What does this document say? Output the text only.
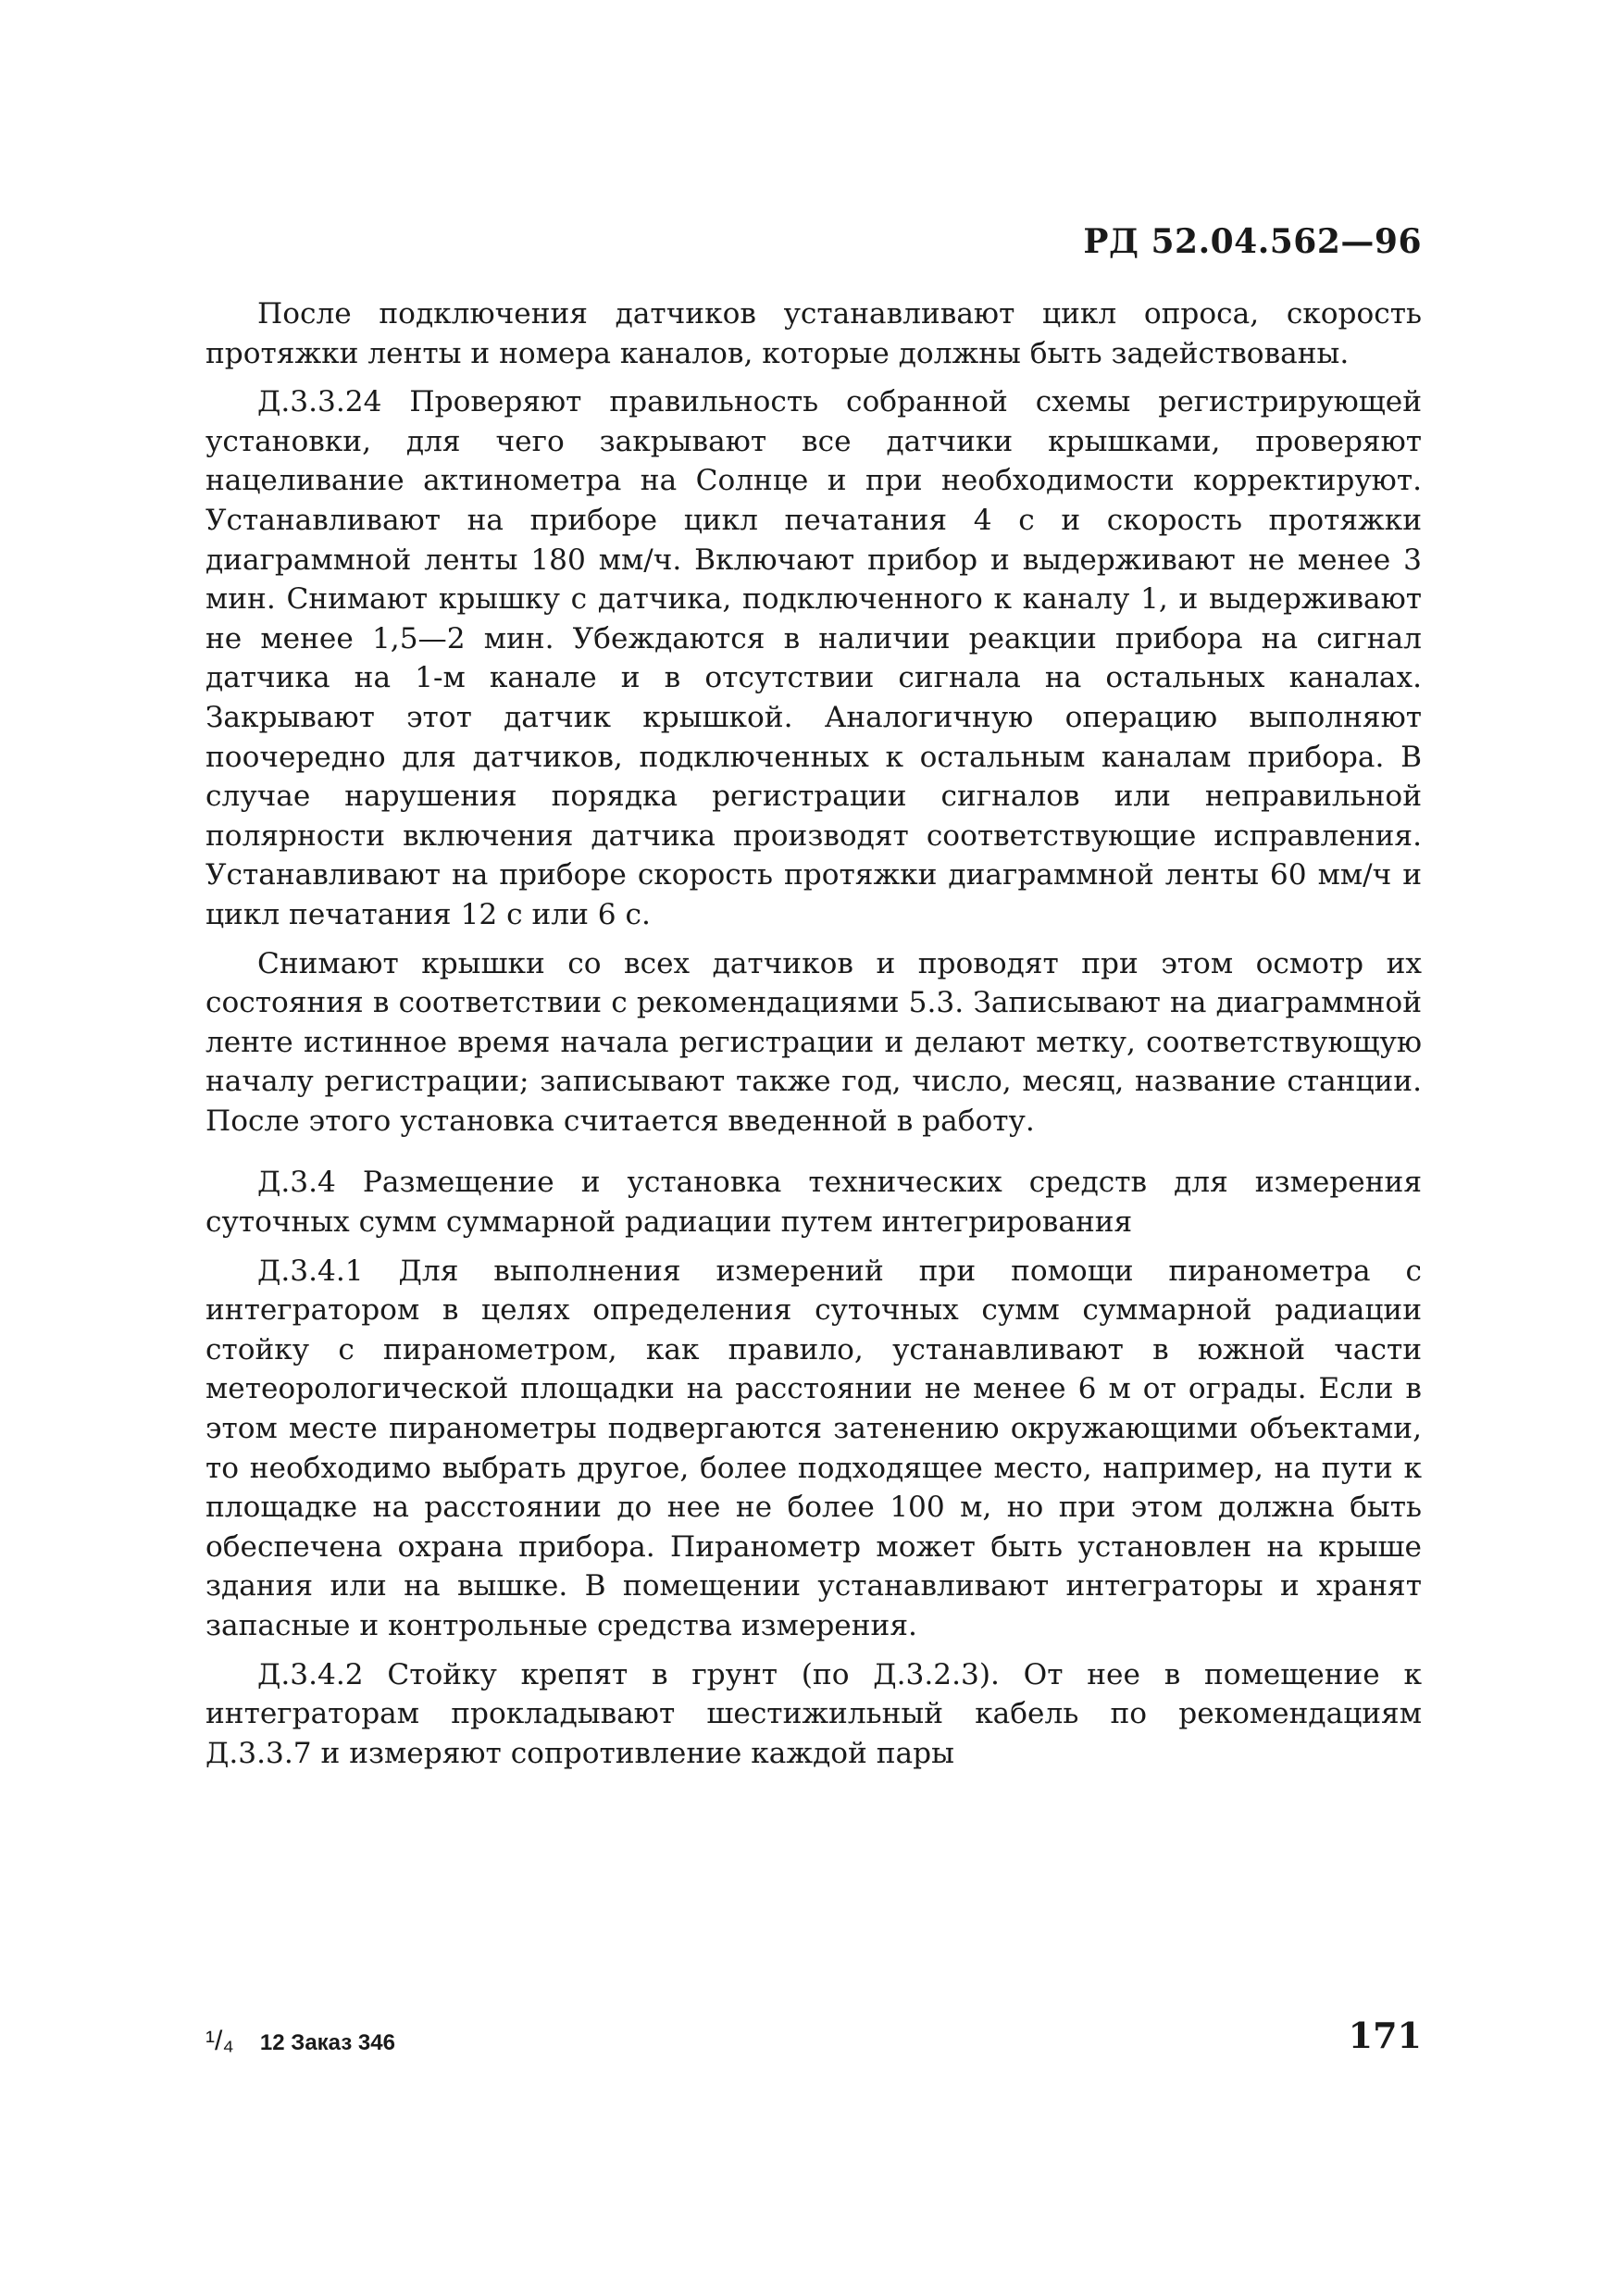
РД 52.04.562—96

После подключения датчиков устанавливают цикл опроса, скорость протяжки ленты и номера каналов, которые должны быть задействованы.

Д.3.3.24 Проверяют правильность собранной схемы регистрирующей установки, для чего закрывают все датчики крышками, проверяют нацеливание актинометра на Солнце и при необходимости корректируют. Устанавливают на приборе цикл печатания 4 с и скорость протяжки диаграммной ленты 180 мм/ч. Включают прибор и выдерживают не менее 3 мин. Снимают крышку с датчика, подключенного к каналу 1, и выдерживают не менее 1,5—2 мин. Убеждаются в наличии реакции прибора на сигнал датчика на 1-м канале и в отсутствии сигнала на остальных каналах. Закрывают этот датчик крышкой. Аналогичную операцию выполняют поочередно для датчиков, подключенных к остальным каналам прибора. В случае нарушения порядка регистрации сигналов или неправильной полярности включения датчика производят соответствующие исправления. Устанавливают на приборе скорость протяжки диаграммной ленты 60 мм/ч и цикл печатания 12 с или 6 с.

Снимают крышки со всех датчиков и проводят при этом осмотр их состояния в соответствии с рекомендациями 5.3. Записывают на диаграммной ленте истинное время начала регистрации и делают метку, соответствующую началу регистрации; записывают также год, число, месяц, название станции. После этого установка считается введенной в работу.

Д.3.4 Размещение и установка технических средств для измерения суточных сумм суммарной радиации путем интегрирования

Д.3.4.1 Для выполнения измерений при помощи пиранометра с интегратором в целях определения суточных сумм суммарной радиации стойку с пиранометром, как правило, устанавливают в южной части метеорологической площадки на расстоянии не менее 6 м от ограды. Если в этом месте пиранометры подвергаются затенению окружающими объектами, то необходимо выбрать другое, более подходящее место, например, на пути к площадке на расстоянии до нее не более 100 м, но при этом должна быть обеспечена охрана прибора. Пиранометр может быть установлен на крыше здания или на вышке. В помещении устанавливают интеграторы и хранят запасные и контрольные средства измерения.

Д.3.4.2 Стойку крепят в грунт (по Д.3.2.3). От нее в помещение к интеграторам прокладывают шестижильный кабель по рекомендациям Д.3.3.7 и измеряют сопротивление каждой пары

¹/₄ 12 Заказ 346	171
